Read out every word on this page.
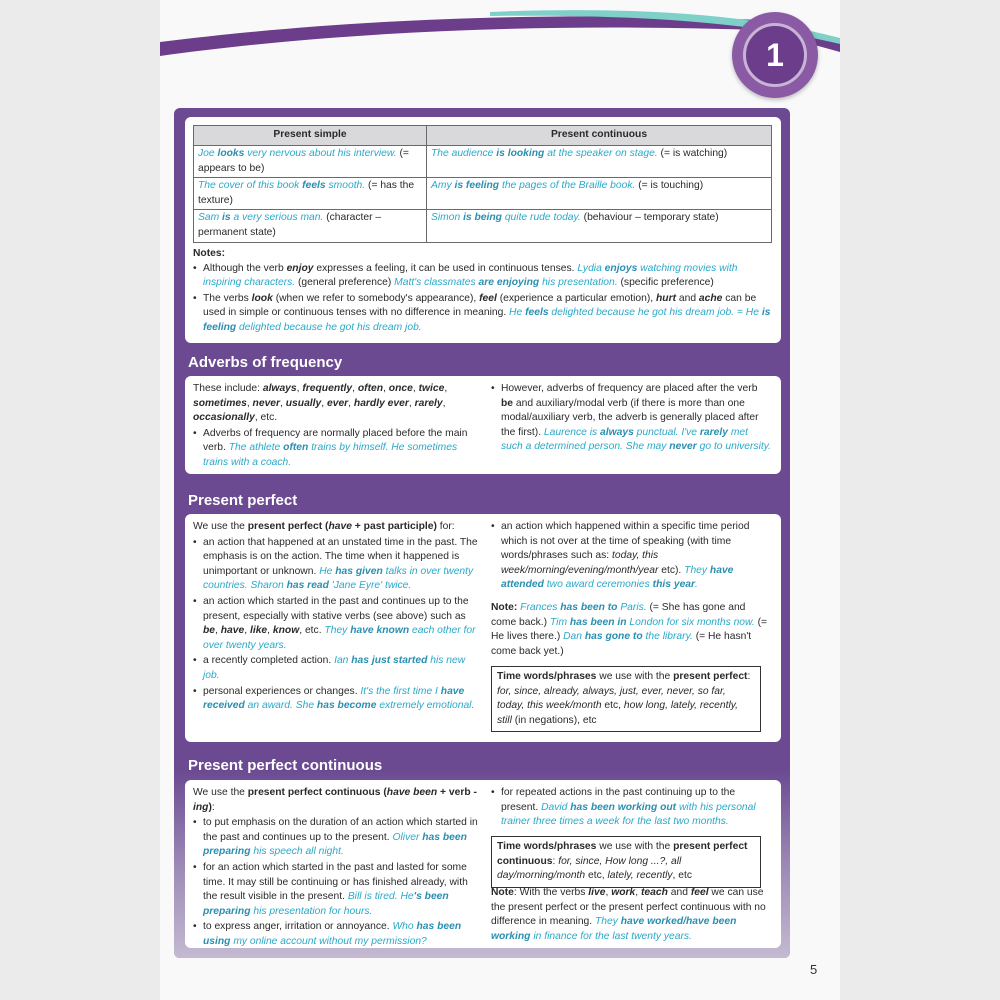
1
Present simple	Present continuous
Joe looks very nervous about his interview. (= appears to be)	The audience is looking at the speaker on stage. (= is watching)
The cover of this book feels smooth. (= has the texture)	Amy is feeling the pages of the Braille book. (= is touching)
Sam is a very serious man. (character – permanent state)	Simon is being quite rude today. (behaviour – temporary state)
Notes:
• Although the verb enjoy expresses a feeling, it can be used in continuous tenses. Lydia enjoys watching movies with inspiring characters. (general preference) Matt's classmates are enjoying his presentation. (specific preference)
• The verbs look (when we refer to somebody's appearance), feel (experience a particular emotion), hurt and ache can be used in simple or continuous tenses with no difference in meaning. He feels delighted because he got his dream job. = He is feeling delighted because he got his dream job.
Adverbs of frequency

These include: always, frequently, often, once, twice, sometimes, never, usually, ever, hardly ever, rarely, occasionally, etc.

• Adverbs of frequency are normally placed before the main verb. The athlete often trains by himself. He sometimes trains with a coach.
• However, adverbs of frequency are placed after the verb be and auxiliary/modal verb (if there is more than one modal/auxiliary verb, the adverb is generally placed after the first). Laurence is always punctual. I've rarely met such a determined person. She may never go to university.
Present perfect

We use the present perfect (have + past participle) for:

• an action that happened at an unstated time in the past. The emphasis is on the action. The time when it happened is unimportant or unknown. He has given talks in over twenty countries. Sharon has read 'Jane Eyre' twice.
• an action which started in the past and continues up to the present, especially with stative verbs (see above) such as be, have, like, know, etc. They have known each other for over twenty years.
• a recently completed action. Ian has just started his new job.
• personal experiences or changes. It's the first time I have received an award. She has become extremely emotional.
• an action which happened within a specific time period which is not over at the time of speaking (with time words/phrases such as: today, this week/morning/evening/month/year etc). They have attended two award ceremonies this year.

Note: Frances has been to Paris. (= She has gone and come back.) Tim has been in London for six months now. (= He lives there.) Dan has gone to the library. (= He hasn't come back yet.)

Time words/phrases we use with the present perfect: for, since, already, always, just, ever, never, so far, today, this week/month etc, how long, lately, recently, still (in negations), etc
Present perfect continuous

We use the present perfect continuous (have been + verb -ing):

• to put emphasis on the duration of an action which started in the past and continues up to the present. Oliver has been preparing his speech all night.
• for an action which started in the past and lasted for some time. It may still be continuing or has finished already, with the result visible in the present. Bill is tired. He's been preparing his presentation for hours.
• to express anger, irritation or annoyance. Who has been using my online account without my permission?
• for repeated actions in the past continuing up to the present. David has been working out with his personal trainer three times a week for the last two months.
Time words/phrases we use with the present perfect continuous: for, since, How long ...?, all day/morning/month etc, lately, recently, etc

Note: With the verbs live, work, teach and feel we can use the present perfect or the present perfect continuous with no difference in meaning. They have worked/have been working in finance for the last twenty years.

5
